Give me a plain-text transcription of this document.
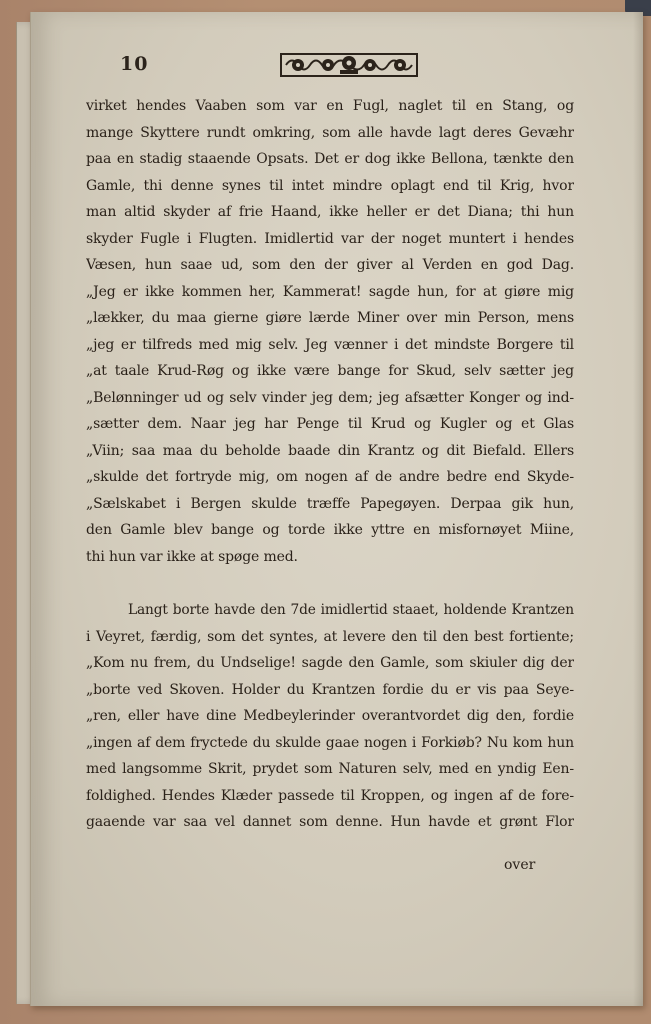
10
virket hendes Vaaben som var en Fugl, naglet til en Stang, og
mange Skyttere rundt omkring, som alle havde lagt deres Gevæhr
paa en stadig staaende Opsats. Det er dog ikke Bellona, tænkte den
Gamle, thi denne synes til intet mindre oplagt end til Krig, hvor
man altid skyder af frie Haand, ikke heller er det Diana; thi hun
skyder Fugle i Flugten. Imidlertid var der noget muntert i hendes
Væsen, hun saae ud, som den der giver al Verden en god Dag.
„Jeg er ikke kommen her, Kammerat! sagde hun, for at giøre mig
„lækker, du maa gierne giøre lærde Miner over min Person, mens
„jeg er tilfreds med mig selv. Jeg vænner i det mindste Borgere til
„at taale Krud-Røg og ikke være bange for Skud, selv sætter jeg
„Belønninger ud og selv vinder jeg dem; jeg afsætter Konger og ind-
„sætter dem. Naar jeg har Penge til Krud og Kugler og et Glas
„Viin; saa maa du beholde baade din Krantz og dit Biefald. Ellers
„skulde det fortryde mig, om nogen af de andre bedre end Skyde-
„Sælskabet i Bergen skulde træffe Papegøyen. Derpaa gik hun,
den Gamle blev bange og torde ikke yttre en misfornøyet Miine,
thi hun var ikke at spøge med.
Langt borte havde den 7de imidlertid staaet, holdende Krantzen
i Veyret, færdig, som det syntes, at levere den til den best fortiente;
„Kom nu frem, du Undselige! sagde den Gamle, som skiuler dig der
„borte ved Skoven. Holder du Krantzen fordie du er vis paa Seye-
„ren, eller have dine Medbeylerinder overantvordet dig den, fordie
„ingen af dem fryctede du skulde gaae nogen i Forkiøb? Nu kom hun
med langsomme Skrit, prydet som Naturen selv, med en yndig Een-
foldighed. Hendes Klæder passede til Kroppen, og ingen af de fore-
gaaende var saa vel dannet som denne. Hun havde et grønt Flor
over
